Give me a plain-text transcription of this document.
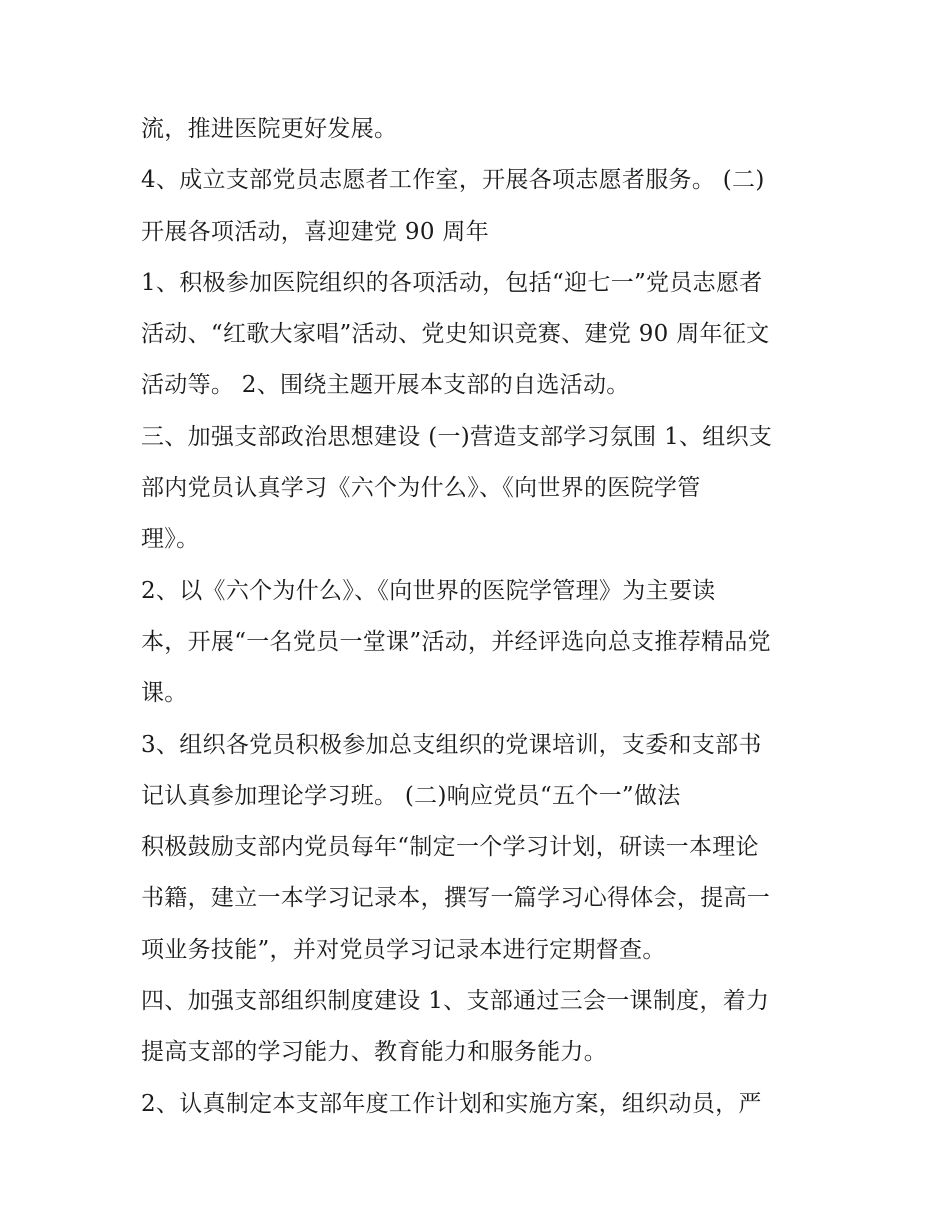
流，推进医院更好发展。
4、成立支部党员志愿者工作室，开展各项志愿者服务。 (二)
开展各项活动，喜迎建党 90 周年
1、积极参加医院组织的各项活动，包括“迎七一”党员志愿者
活动、“红歌大家唱”活动、党史知识竞赛、建党 90 周年征文
活动等。 2、围绕主题开展本支部的自选活动。
三、加强支部政治思想建设 (一)营造支部学习氛围 1、组织支
部内党员认真学习《六个为什么》、《向世界的医院学管
理》。
2、以《六个为什么》、《向世界的医院学管理》为主要读
本，开展“一名党员一堂课”活动，并经评选向总支推荐精品党
课。
3、组织各党员积极参加总支组织的党课培训，支委和支部书
记认真参加理论学习班。 (二)响应党员“五个一”做法
积极鼓励支部内党员每年“制定一个学习计划，研读一本理论
书籍，建立一本学习记录本，撰写一篇学习心得体会，提高一
项业务技能”，并对党员学习记录本进行定期督查。
四、加强支部组织制度建设 1、支部通过三会一课制度，着力
提高支部的学习能力、教育能力和服务能力。
2、认真制定本支部年度工作计划和实施方案，组织动员，严
